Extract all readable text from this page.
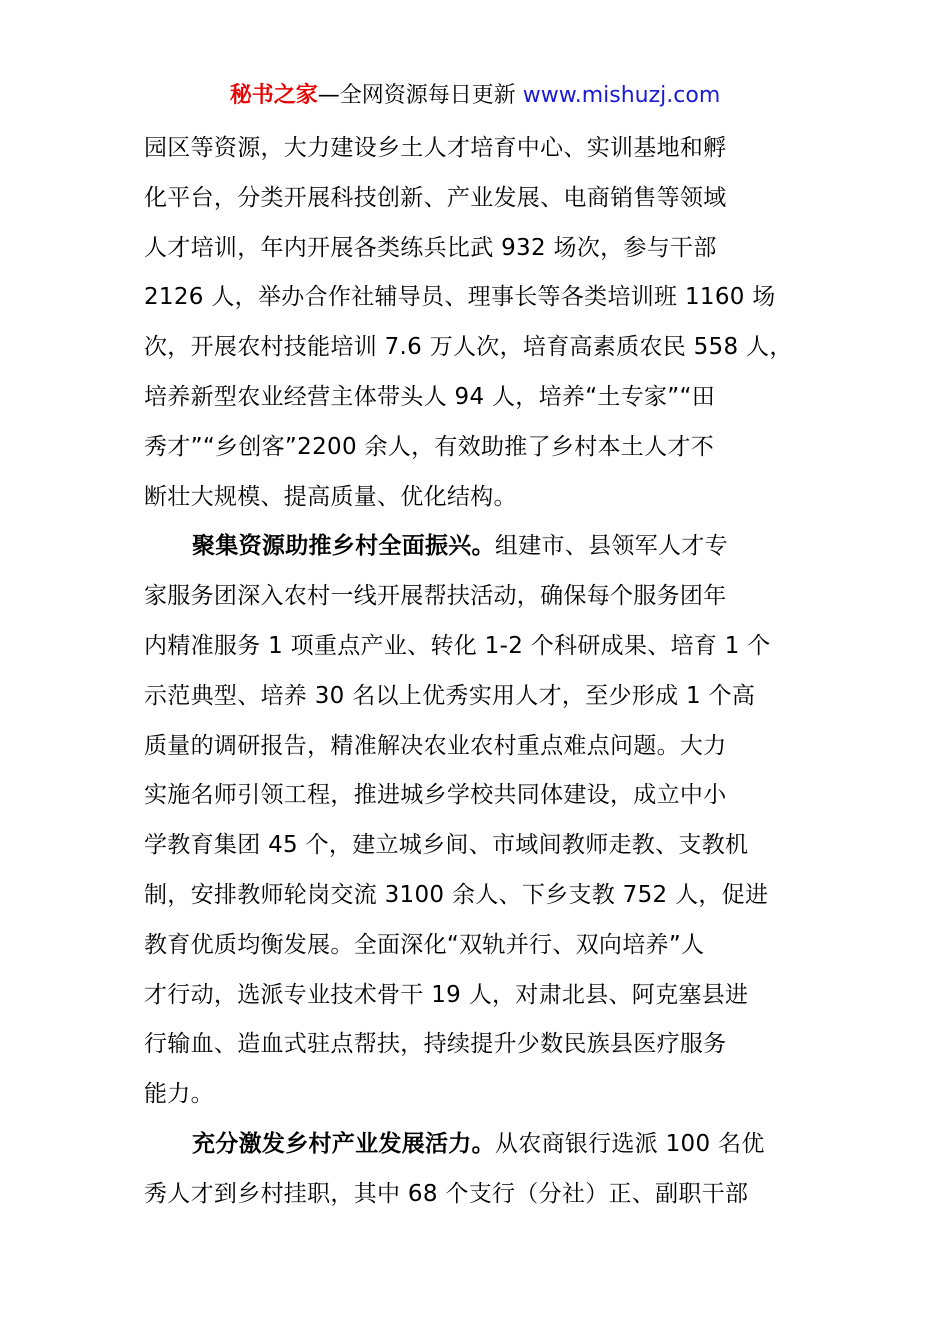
秘书之家—全网资源每日更新 www.mishuzj.com
园区等资源，大力建设乡土人才培育中心、实训基地和孵
化平台，分类开展科技创新、产业发展、电商销售等领域
人才培训，年内开展各类练兵比武 932 场次，参与干部
2126 人，举办合作社辅导员、理事长等各类培训班 1160 场
次，开展农村技能培训 7.6 万人次，培育高素质农民 558 人，
培养新型农业经营主体带头人 94 人，培养“土专家”“田
秀才”“乡创客”2200 余人，有效助推了乡村本土人才不
断壮大规模、提高质量、优化结构。
聚集资源助推乡村全面振兴。组建市、县领军人才专
家服务团深入农村一线开展帮扶活动，确保每个服务团年
内精准服务 1 项重点产业、转化 1-2 个科研成果、培育 1 个
示范典型、培养 30 名以上优秀实用人才，至少形成 1 个高
质量的调研报告，精准解决农业农村重点难点问题。大力
实施名师引领工程，推进城乡学校共同体建设，成立中小
学教育集团 45 个，建立城乡间、市域间教师走教、支教机
制，安排教师轮岗交流 3100 余人、下乡支教 752 人，促进
教育优质均衡发展。全面深化“双轨并行、双向培养”人
才行动，选派专业技术骨干 19 人，对肃北县、阿克塞县进
行输血、造血式驻点帮扶，持续提升少数民族县医疗服务
能力。
充分激发乡村产业发展活力。从农商银行选派 100 名优
秀人才到乡村挂职，其中 68 个支行（分社）正、副职干部
